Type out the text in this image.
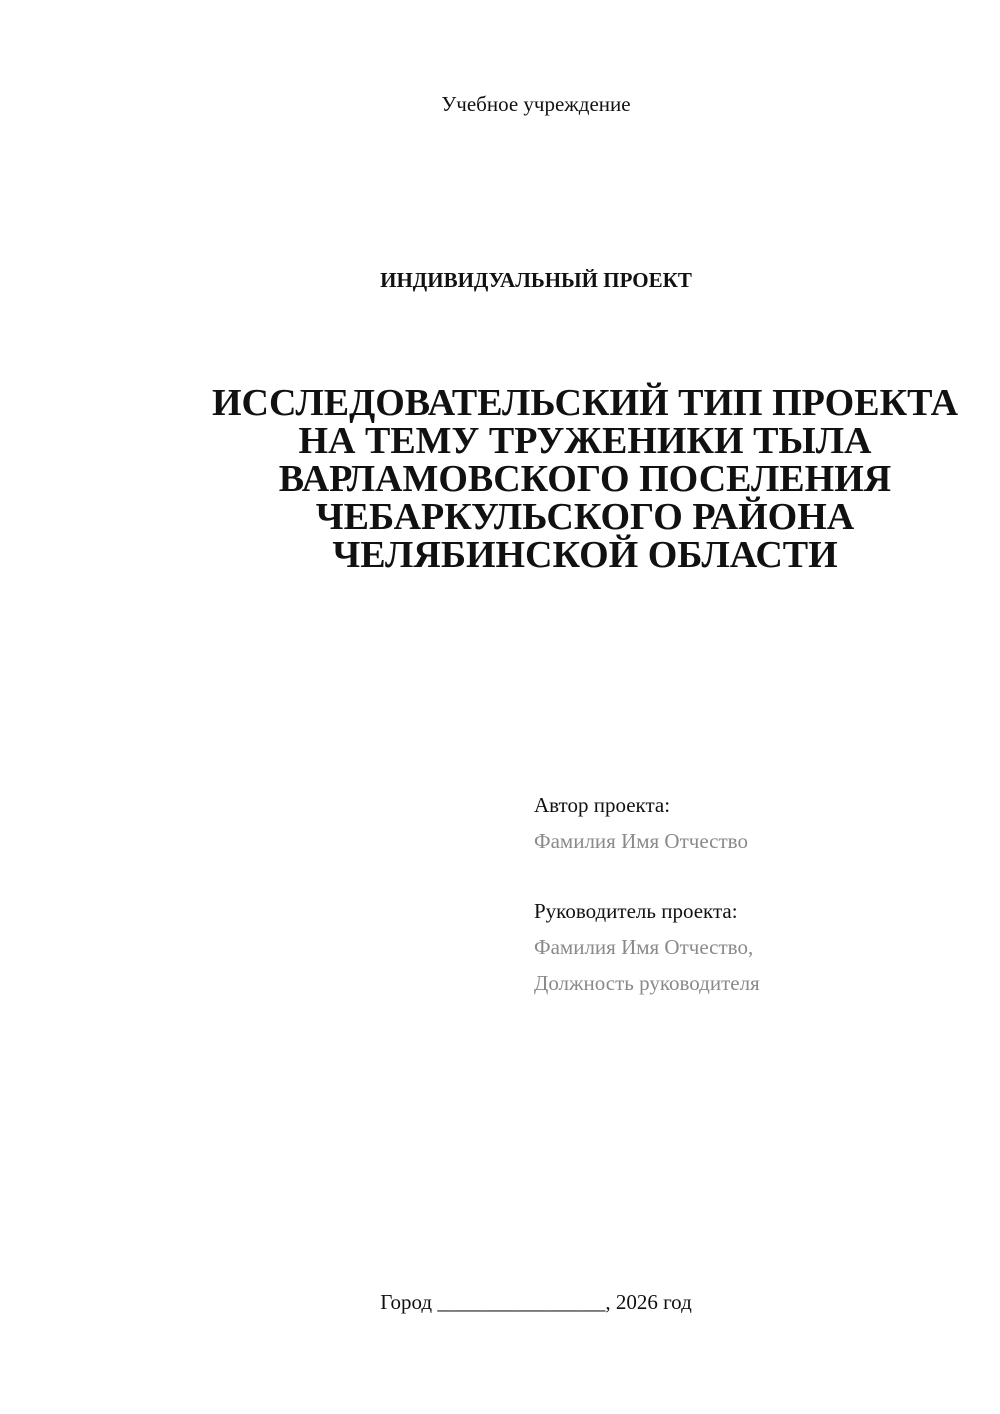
Учебное учреждение
ИНДИВИДУАЛЬНЫЙ ПРОЕКТ
ИССЛЕДОВАТЕЛЬСКИЙ ТИП ПРОЕКТА
НА ТЕМУ ТРУЖЕНИКИ ТЫЛА
ВАРЛАМОВСКОГО ПОСЕЛЕНИЯ
ЧЕБАРКУЛЬСКОГО РАЙОНА
ЧЕЛЯБИНСКОЙ ОБЛАСТИ
Автор проекта:
Фамилия Имя Отчество
Руководитель проекта:
Фамилия Имя Отчество,
Должность руководителя
Город ________________, 2026 год
